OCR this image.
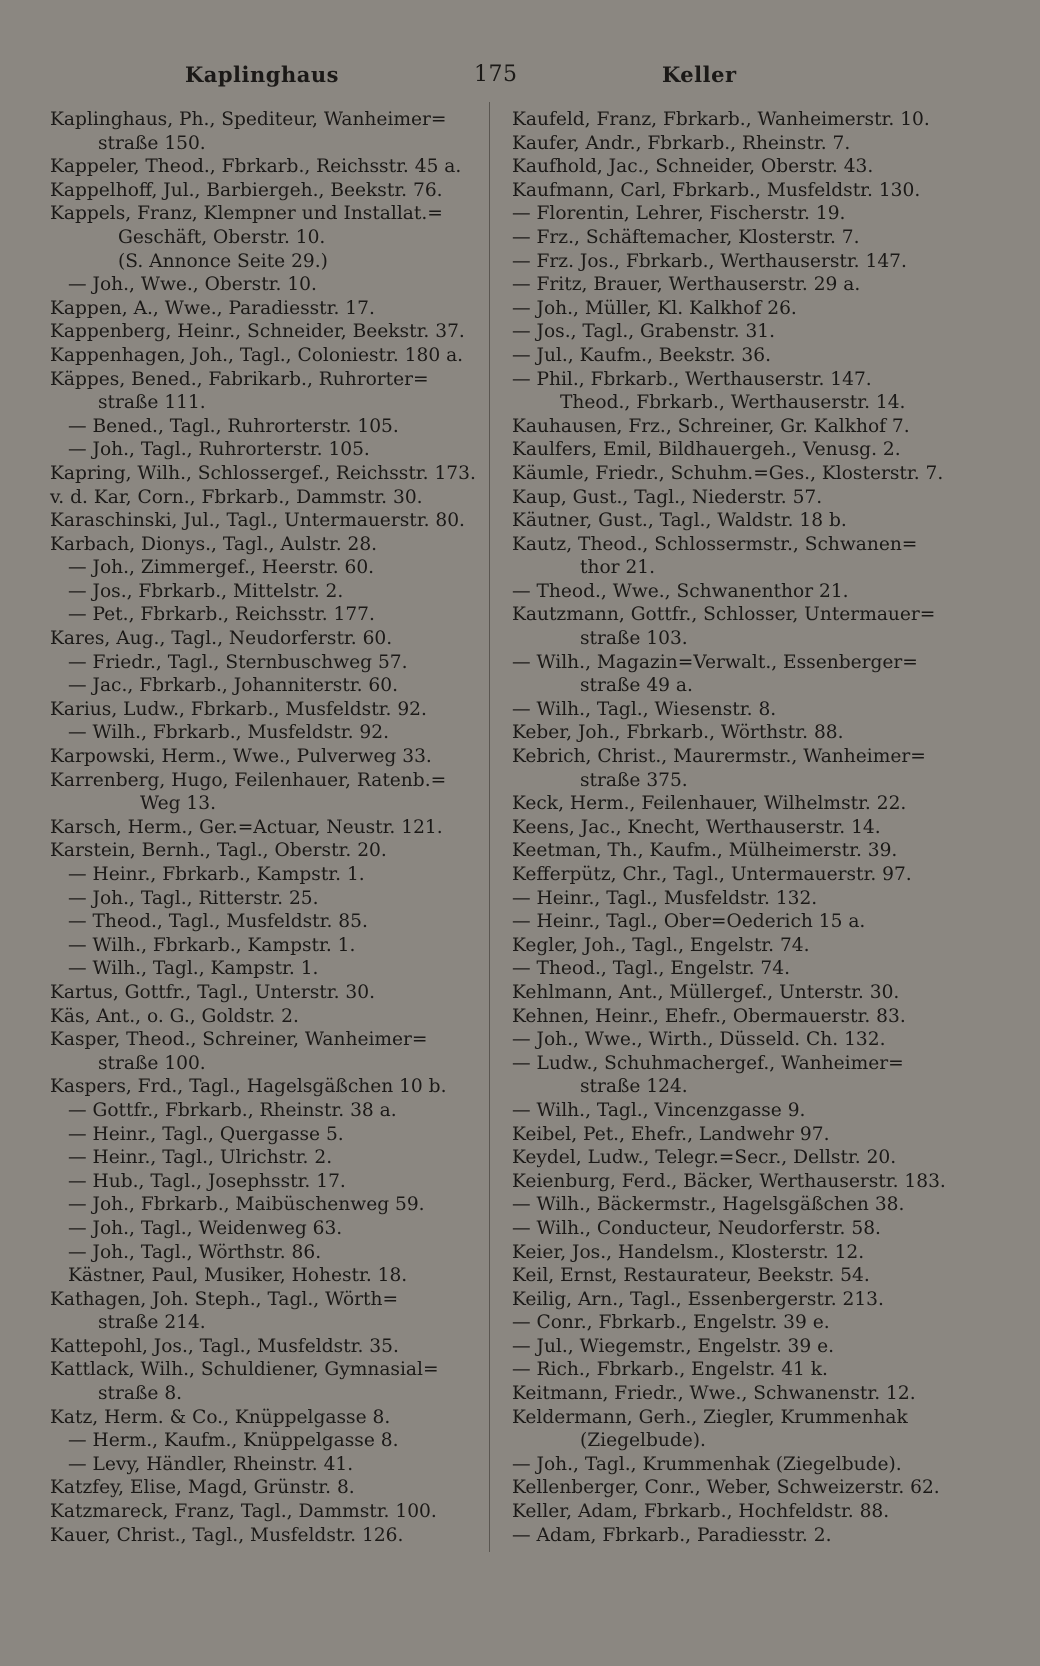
Kaplinghaus	175	Keller
Kaplinghaus, Ph., Spediteur, Wanheimer=
straße 150.
Kappeler, Theod., Fbrkarb., Reichsstr. 45 a.
Kappelhoff, Jul., Barbiergeh., Beekstr. 76.
Kappels, Franz, Klempner und Installat.=
Geschäft, Oberstr. 10.
(S. Annonce Seite 29.)
— Joh., Wwe., Oberstr. 10.
Kappen, A., Wwe., Paradiesstr. 17.
Kappenberg, Heinr., Schneider, Beekstr. 37.
Kappenhagen, Joh., Tagl., Coloniestr. 180 a.
Käppes, Bened., Fabrikarb., Ruhrorter=
straße 111.
— Bened., Tagl., Ruhrorterstr. 105.
— Joh., Tagl., Ruhrorterstr. 105.
Kapring, Wilh., Schlossergef., Reichsstr. 173.
v. d. Kar, Corn., Fbrkarb., Dammstr. 30.
Karaschinski, Jul., Tagl., Untermauerstr. 80.
Karbach, Dionys., Tagl., Aulstr. 28.
— Joh., Zimmergef., Heerstr. 60.
— Jos., Fbrkarb., Mittelstr. 2.
— Pet., Fbrkarb., Reichsstr. 177.
Kares, Aug., Tagl., Neudorferstr. 60.
— Friedr., Tagl., Sternbuschweg 57.
— Jac., Fbrkarb., Johanniterstr. 60.
Karius, Ludw., Fbrkarb., Musfeldstr. 92.
— Wilh., Fbrkarb., Musfeldstr. 92.
Karpowski, Herm., Wwe., Pulverweg 33.
Karrenberg, Hugo, Feilenhauer, Ratenb.=
Weg 13.
Karsch, Herm., Ger.=Actuar, Neustr. 121.
Karstein, Bernh., Tagl., Oberstr. 20.
— Heinr., Fbrkarb., Kampstr. 1.
— Joh., Tagl., Ritterstr. 25.
— Theod., Tagl., Musfeldstr. 85.
— Wilh., Fbrkarb., Kampstr. 1.
— Wilh., Tagl., Kampstr. 1.
Kartus, Gottfr., Tagl., Unterstr. 30.
Käs, Ant., o. G., Goldstr. 2.
Kasper, Theod., Schreiner, Wanheimer=
straße 100.
Kaspers, Frd., Tagl., Hagelsgäßchen 10 b.
— Gottfr., Fbrkarb., Rheinstr. 38 a.
— Heinr., Tagl., Quergasse 5.
— Heinr., Tagl., Ulrichstr. 2.
— Hub., Tagl., Josephsstr. 17.
— Joh., Fbrkarb., Maibüschenweg 59.
— Joh., Tagl., Weidenweg 63.
— Joh., Tagl., Wörthstr. 86.
Kästner, Paul, Musiker, Hohestr. 18.
Kathagen, Joh. Steph., Tagl., Wörth=
straße 214.
Kattepohl, Jos., Tagl., Musfeldstr. 35.
Kattlack, Wilh., Schuldiener, Gymnasial=
straße 8.
Katz, Herm. & Co., Knüppelgasse 8.
— Herm., Kaufm., Knüppelgasse 8.
— Levy, Händler, Rheinstr. 41.
Katzfey, Elise, Magd, Grünstr. 8.
Katzmareck, Franz, Tagl., Dammstr. 100.
Kauer, Christ., Tagl., Musfeldstr. 126.
Kaufeld, Franz, Fbrkarb., Wanheimerstr. 10.
Kaufer, Andr., Fbrkarb., Rheinstr. 7.
Kaufhold, Jac., Schneider, Oberstr. 43.
Kaufmann, Carl, Fbrkarb., Musfeldstr. 130.
— Florentin, Lehrer, Fischerstr. 19.
— Frz., Schäftemacher, Klosterstr. 7.
— Frz. Jos., Fbrkarb., Werthauserstr. 147.
— Fritz, Brauer, Werthauserstr. 29 a.
— Joh., Müller, Kl. Kalkhof 26.
— Jos., Tagl., Grabenstr. 31.
— Jul., Kaufm., Beekstr. 36.
— Phil., Fbrkarb., Werthauserstr. 147.
Theod., Fbrkarb., Werthauserstr. 14.
Kauhausen, Frz., Schreiner, Gr. Kalkhof 7.
Kaulfers, Emil, Bildhauergeh., Venusg. 2.
Käumle, Friedr., Schuhm.=Ges., Klosterstr. 7.
Kaup, Gust., Tagl., Niederstr. 57.
Käutner, Gust., Tagl., Waldstr. 18 b.
Kautz, Theod., Schlossermstr., Schwanen=
thor 21.
— Theod., Wwe., Schwanenthor 21.
Kautzmann, Gottfr., Schlosser, Untermauer=
straße 103.
— Wilh., Magazin=Verwalt., Essenberger=
straße 49 a.
— Wilh., Tagl., Wiesenstr. 8.
Keber, Joh., Fbrkarb., Wörthstr. 88.
Kebrich, Christ., Maurermstr., Wanheimer=
straße 375.
Keck, Herm., Feilenhauer, Wilhelmstr. 22.
Keens, Jac., Knecht, Werthauserstr. 14.
Keetman, Th., Kaufm., Mülheimerstr. 39.
Kefferpütz, Chr., Tagl., Untermauerstr. 97.
— Heinr., Tagl., Musfeldstr. 132.
— Heinr., Tagl., Ober=Oederich 15 a.
Kegler, Joh., Tagl., Engelstr. 74.
— Theod., Tagl., Engelstr. 74.
Kehlmann, Ant., Müllergef., Unterstr. 30.
Kehnen, Heinr., Ehefr., Obermauerstr. 83.
— Joh., Wwe., Wirth., Düsseld. Ch. 132.
— Ludw., Schuhmachergef., Wanheimer=
straße 124.
— Wilh., Tagl., Vincenzgasse 9.
Keibel, Pet., Ehefr., Landwehr 97.
Keydel, Ludw., Telegr.=Secr., Dellstr. 20.
Keienburg, Ferd., Bäcker, Werthauserstr. 183.
— Wilh., Bäckermstr., Hagelsgäßchen 38.
— Wilh., Conducteur, Neudorferstr. 58.
Keier, Jos., Handelsm., Klosterstr. 12.
Keil, Ernst, Restaurateur, Beekstr. 54.
Keilig, Arn., Tagl., Essenbergerstr. 213.
— Conr., Fbrkarb., Engelstr. 39 e.
— Jul., Wiegemstr., Engelstr. 39 e.
— Rich., Fbrkarb., Engelstr. 41 k.
Keitmann, Friedr., Wwe., Schwanenstr. 12.
Keldermann, Gerh., Ziegler, Krummenhak
(Ziegelbude).
— Joh., Tagl., Krummenhak (Ziegelbude).
Kellenberger, Conr., Weber, Schweizerstr. 62.
Keller, Adam, Fbrkarb., Hochfeldstr. 88.
— Adam, Fbrkarb., Paradiesstr. 2.
